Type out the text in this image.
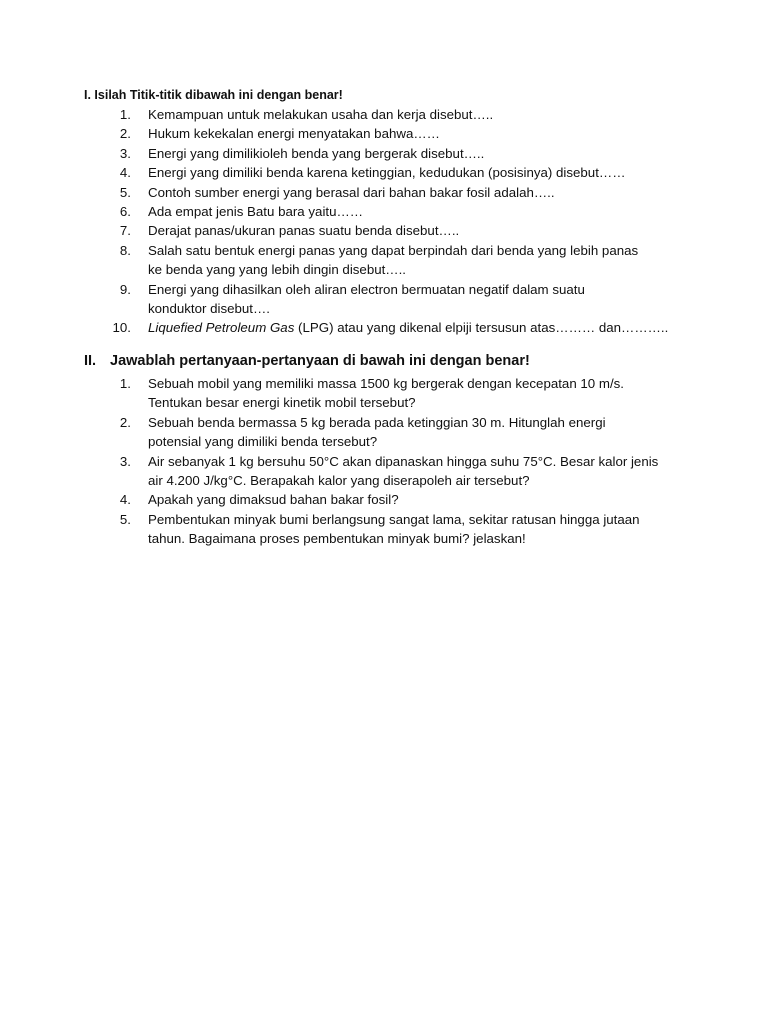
I. Isilah Titik-titik dibawah ini dengan benar!
1. Kemampuan untuk melakukan usaha dan kerja disebut…..
2. Hukum kekekalan energi menyatakan bahwa……
3. Energi yang dimilikioleh benda yang bergerak disebut…..
4. Energi yang dimiliki benda karena ketinggian, kedudukan (posisinya) disebut……
5. Contoh sumber energi yang berasal dari bahan bakar fosil adalah…..
6. Ada empat jenis Batu bara yaitu……
7. Derajat panas/ukuran panas suatu benda disebut…..
8. Salah satu bentuk energi panas yang dapat berpindah dari benda yang lebih panas
ke benda yang yang lebih dingin disebut…..
9. Energi yang dihasilkan oleh aliran electron bermuatan negatif dalam suatu
konduktor disebut….
10. Liquefied Petroleum Gas (LPG) atau yang dikenal elpiji tersusun atas……… dan………..
II. Jawablah pertanyaan-pertanyaan di bawah ini dengan benar!
1. Sebuah mobil yang memiliki massa 1500 kg bergerak dengan kecepatan 10 m/s.
Tentukan besar energi kinetik mobil tersebut?
2. Sebuah benda bermassa 5 kg berada pada ketinggian 30 m. Hitunglah energi
potensial yang dimiliki benda tersebut?
3. Air sebanyak 1 kg bersuhu 50°C akan dipanaskan hingga suhu 75°C. Besar kalor jenis
air 4.200 J/kg°C. Berapakah kalor yang diserapoleh air tersebut?
4. Apakah yang dimaksud bahan bakar fosil?
5. Pembentukan minyak bumi berlangsung sangat lama, sekitar ratusan hingga jutaan
tahun. Bagaimana proses pembentukan minyak bumi? jelaskan!
